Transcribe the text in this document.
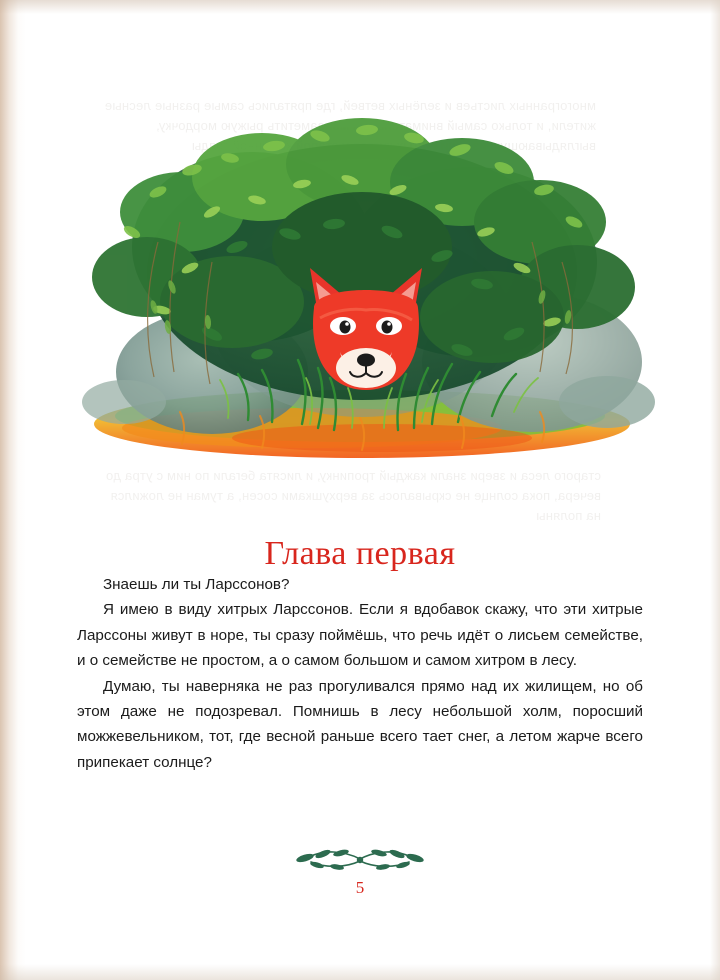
многогранных листьев и зелёных ветвей, где прятались самые разные лесные жители, и только самый   заметить рыжую мордочку, выглядывающую        гряды
старого леса и звери знали каждый тропинку, и лисята бегали по ним с утра до вечера, пока солнце не скрывалось за верхушками сосен, а туман не ложился на поляны
Глава первая

Знаешь ли ты Ларссонов?

Я имею в виду хитрых Ларссонов. Если я вдобавок скажу, что эти хитрые Ларссоны живут в норе, ты сразу поймёшь, что речь идёт о лисьем семействе, и о семействе не простом, а о самом большом и самом хитром в лесу.

Думаю, ты наверняка не раз прогуливался прямо над их жилищем, но об этом даже не подозревал. Помнишь в лесу небольшой холм, поросший можжевельником, тот, где весной раньше всего тает снег, а летом жарче всего припекает солнце?

5
